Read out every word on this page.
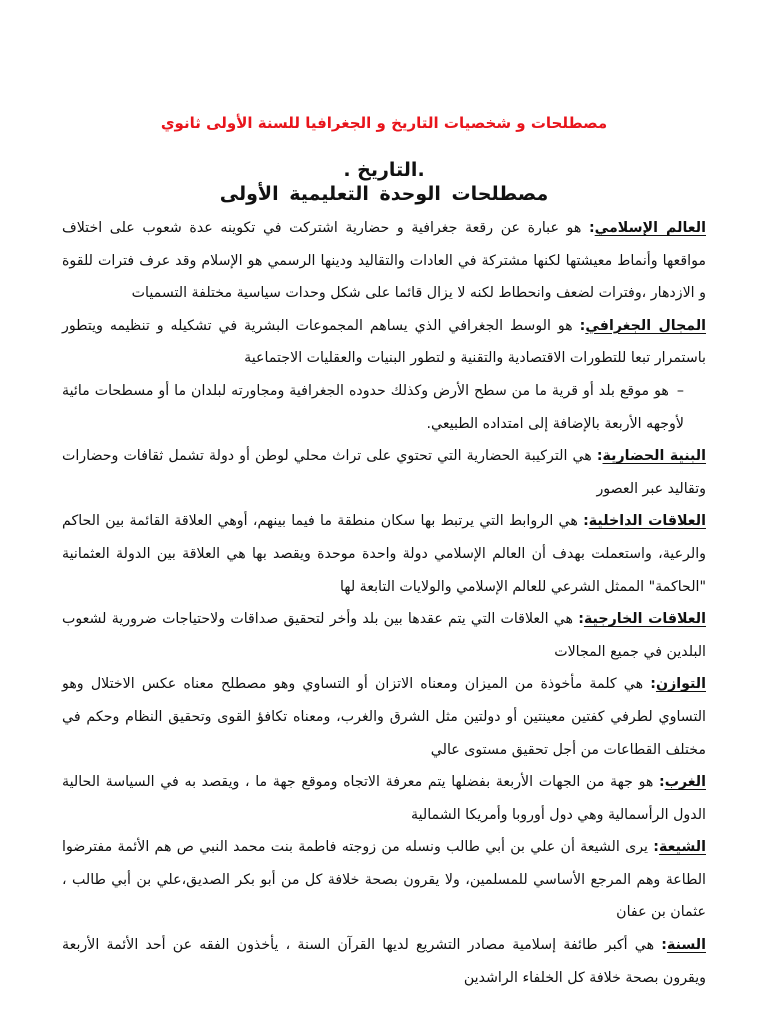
مصطلحات و شخصيات التاريخ و الجغرافيا للسنة الأولى ثانوي
.التاريخ .
مصطلحات الوحدة التعليمية الأولى

العالم الإسلامي: هو عبارة عن رقعة جغرافية و حضارية اشتركت في تكوينه عدة شعوب على اختلاف مواقعها وأنماط معيشتها لكنها مشتركة في العادات والتقاليد ودينها الرسمي هو الإسلام وقد عرف فترات للقوة و الازدهار ،وفترات لضعف وانحطاط لكنه لا يزال قائما على شكل وحدات سياسية مختلفة التسميات

المجال الجغرافي: هو الوسط الجغرافي الذي يساهم المجموعات البشرية في تشكيله و تنظيمه ويتطور باستمرار تبعا للتطورات الاقتصادية والتقنية و لتطور البنيات والعقليات الاجتماعية

–هو موقع بلد أو قرية ما من سطح الأرض وكذلك حدوده الجغرافية ومجاورته لبلدان ما أو مسطحات مائية لأوجهه الأربعة بالإضافة إلى امتداده الطبيعي.

البنية الحضارية: هي التركيبة الحضارية التي تحتوي على تراث محلي لوطن أو دولة تشمل ثقافات وحضارات وتقاليد عبر العصور

العلاقات الداخلية: هي الروابط التي يرتبط بها سكان منطقة ما فيما بينهم، أوهي العلاقة القائمة بين الحاكم والرعية، واستعملت بهدف أن العالم الإسلامي دولة واحدة موحدة ويقصد بها هي العلاقة بين الدولة العثمانية "الحاكمة" الممثل الشرعي للعالم الإسلامي والولايات التابعة لها

العلاقات الخارجية: هي العلاقات التي يتم عقدها بين بلد وأخر لتحقيق صداقات ولاحتياجات ضرورية لشعوب البلدين في جميع المجالات

التوازن: هي كلمة مأخوذة من الميزان ومعناه الاتزان أو التساوي وهو مصطلح معناه عكس الاختلال وهو التساوي لطرفي كفتين معينتين أو دولتين مثل الشرق والغرب، ومعناه تكافؤ القوى وتحقيق النظام وحكم في مختلف القطاعات من أجل تحقيق مستوى عالي

الغرب: هو جهة من الجهات الأربعة بفضلها يتم معرفة الاتجاه وموقع جهة ما ، ويقصد به في السياسة الحالية الدول الرأسمالية وهي دول أوروبا وأمريكا الشمالية

الشيعة: يرى الشيعة أن علي بن أبي طالب ونسله من زوجته فاطمة بنت محمد النبي ص هم الأئمة مفترضوا الطاعة وهم المرجع الأساسي للمسلمين، ولا يقرون بصحة خلافة كل من أبو بكر الصديق،علي بن أبي طالب ، عثمان بن عفان

السنة: هي أكبر طائفة إسلامية مصادر التشريع لديها القرآن السنة ، يأخذون الفقه عن أحد الأئمة الأربعة ويقرون بصحة خلافة كل الخلفاء الراشدين
